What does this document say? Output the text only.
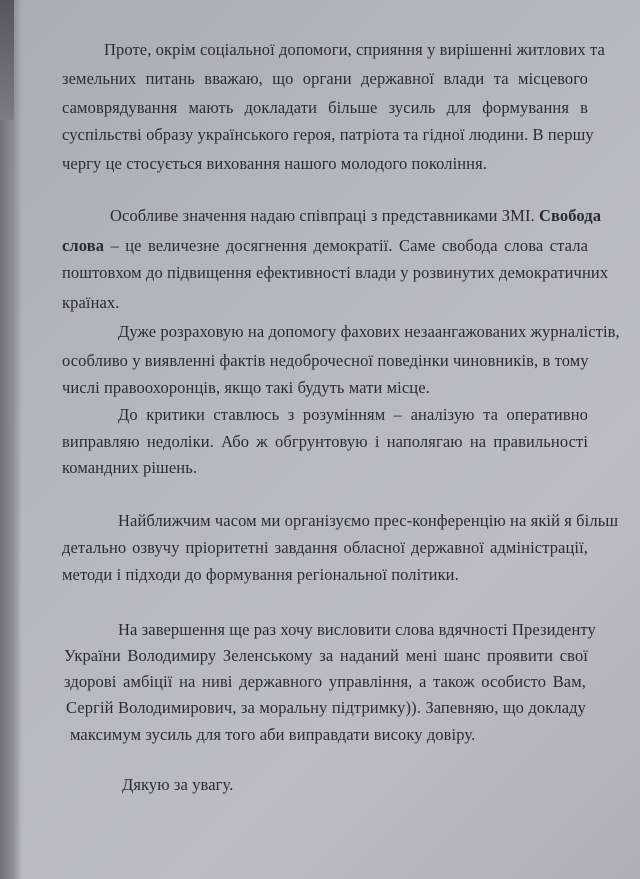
Проте, окрім соціальної допомоги, сприяння у вирішенні житлових та
земельних питань вважаю, що органи державної влади та місцевого
самоврядування мають докладати більше зусиль для формування в
суспільстві образу українського героя, патріота та гідної людини. В першу
чергу це стосується виховання нашого молодого покоління.
Особливе значення надаю співпраці з представниками ЗМІ. Свобода
слова – це величезне досягнення демократії. Саме свобода слова стала
поштовхом до підвищення ефективності влади у розвинутих демократичних
країнах.
Дуже розраховую на допомогу фахових незаангажованих журналістів,
особливо у виявленні фактів недоброчесної поведінки чиновників, в тому
числі правоохоронців, якщо такі будуть мати місце.
До критики ставлюсь з розумінням – аналізую та оперативно
виправляю недоліки. Або ж обгрунтовую і наполягаю на правильності
командних рішень.
Найближчим часом ми організуємо прес-конференцію на якій я більш
детально озвучу пріоритетні завдання обласної державної адміністрації,
методи і підходи до формування регіональної політики.
На завершення ще раз хочу висловити слова вдячності Президенту
України Володимиру Зеленському за наданий мені шанс проявити свої
здорові амбіції на ниві державного управління, а також особисто Вам,
Сергій Володимирович, за моральну підтримку)). Запевняю, що докладу
максимум зусиль для того аби виправдати високу довіру.
Дякую за увагу.
